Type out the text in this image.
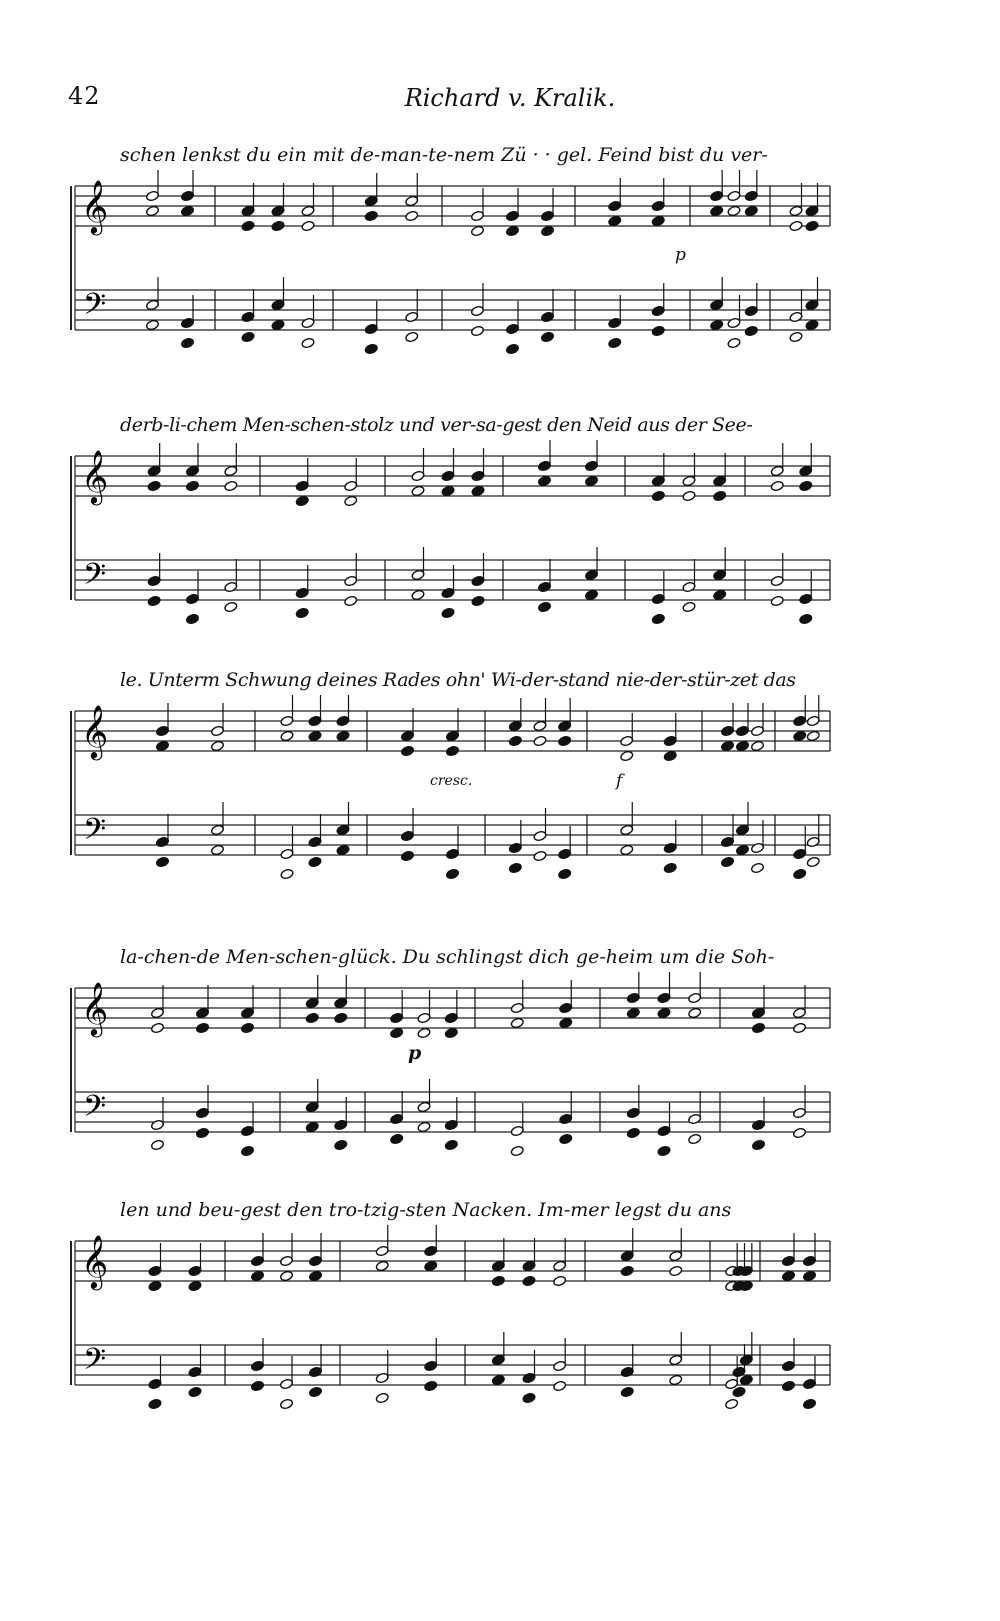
42	Richard v. Kralik.
schen lenkst du ein mit de-man-te-nem Zü · · gel. Feind bist du ver-
p
𝄞
𝄢
derb-li-chem Men-schen-stolz und ver-sa-gest den Neid aus der See-
𝄞
𝄢
le. Unterm Schwung deines Rades ohn' Wi-der-stand nie-der-stür-zet das
cresc.	f
𝄞
𝄢
la-chen-de Men-schen-glück. Du schlingst dich ge-heim um die Soh-
p
𝄞
𝄢
len und beu-gest den tro-tzig-sten Nacken. Im-mer legst du ans
𝄞
𝄢
